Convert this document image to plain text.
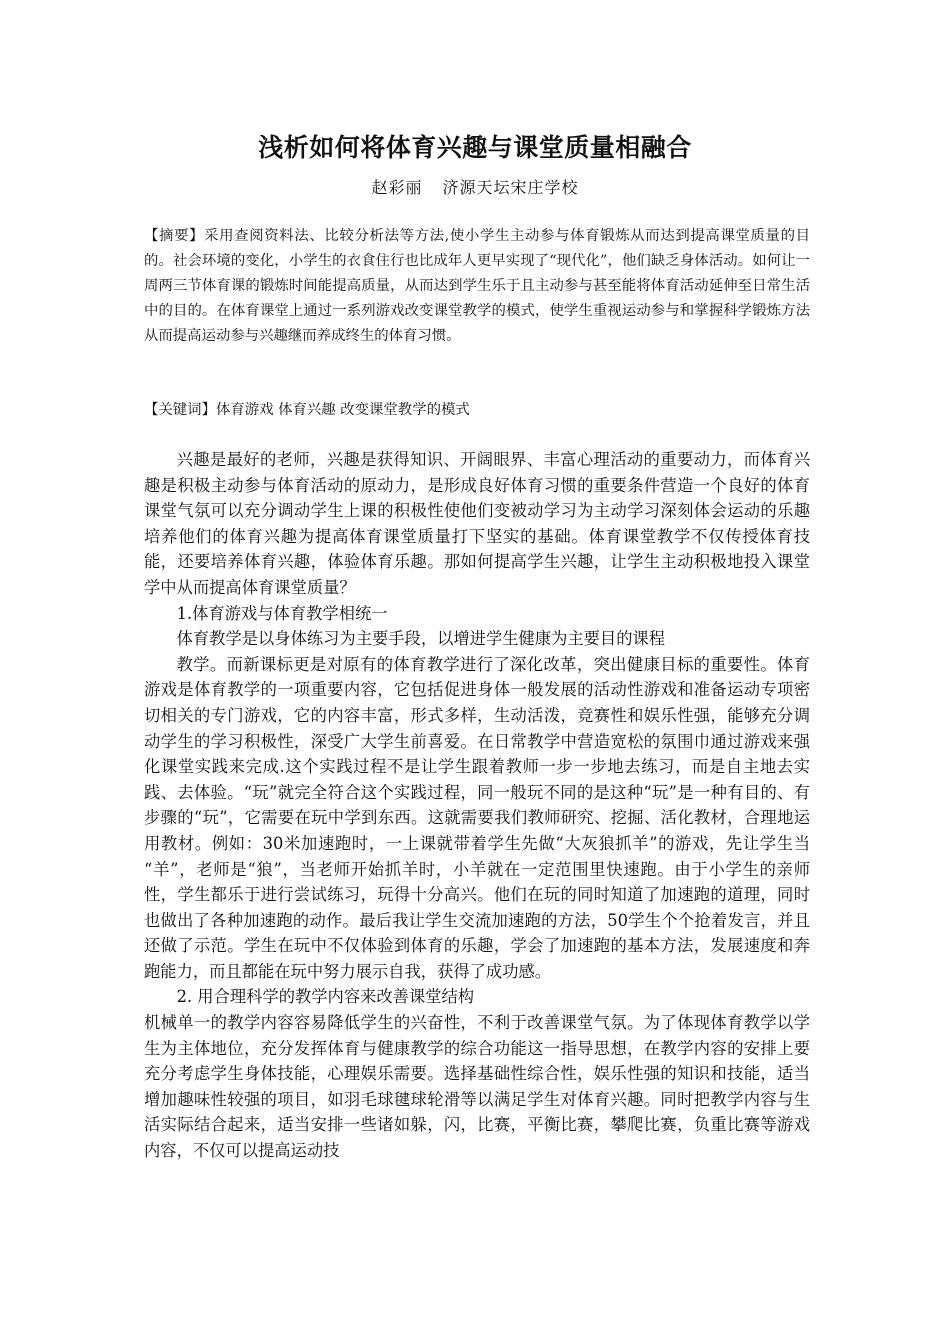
浅析如何将体育兴趣与课堂质量相融合
赵彩丽 济源天坛宋庄学校
【摘要】采用查阅资料法、比较分析法等方法,使小学生主动参与体育锻炼从而达到提高课堂质量的目的。社会环境的变化，小学生的衣食住行也比成年人更早实现了“现代化”，他们缺乏身体活动。如何让一周两三节体育课的锻炼时间能提高质量，从而达到学生乐于且主动参与甚至能将体育活动延伸至日常生活中的目的。在体育课堂上通过一系列游戏改变课堂教学的模式，使学生重视运动参与和掌握科学锻炼方法从而提高运动参与兴趣继而养成终生的体育习惯。
【关键词】体育游戏 体育兴趣 改变课堂教学的模式

兴趣是最好的老师，兴趣是获得知识、开阔眼界、丰富心理活动的重要动力，而体育兴趣是积极主动参与体育活动的原动力，是形成良好体育习惯的重要条件营造一个良好的体育课堂气氛可以充分调动学生上课的积极性使他们变被动学习为主动学习深刻体会运动的乐趣培养他们的体育兴趣为提高体育课堂质量打下坚实的基础。体育课堂教学不仅传授体育技能，还要培养体育兴趣，体验体育乐趣。那如何提高学生兴趣，让学生主动积极地投入课堂学中从而提高体育课堂质量？

1.体育游戏与体育教学相统一

体育教学是以身体练习为主要手段，以增进学生健康为主要目的课程

教学。而新课标更是对原有的体育教学进行了深化改革，突出健康目标的重要性。体育游戏是体育教学的一项重要内容，它包括促进身体一般发展的活动性游戏和准备运动专项密切相关的专门游戏，它的内容丰富，形式多样，生动活泼，竞赛性和娱乐性强，能够充分调动学生的学习积极性，深受广大学生前喜爱。在日常教学中营造宽松的氛围巾通过游戏来强化课堂实践来完成.这个实践过程不是让学生跟着教师一步一步地去练习，而是自主地去实践、去体验。“玩”就完全符合这个实践过程，同一般玩不同的是这种“玩”是一种有目的、有步骤的“玩”，它需要在玩中学到东西。这就需要我们教师研究、挖掘、活化教材，合理地运用教材。例如：30米加速跑时，一上课就带着学生先做“大灰狼抓羊”的游戏，先让学生当 “羊”，老师是“狼”，当老师开始抓羊时，小羊就在一定范围里快速跑。由于小学生的亲师性，学生都乐于进行尝试练习，玩得十分高兴。他们在玩的同时知道了加速跑的道理，同时也做出了各种加速跑的动作。最后我让学生交流加速跑的方法，50学生个个抢着发言，并且还做了示范。学生在玩中不仅体验到体育的乐趣，学会了加速跑的基本方法，发展速度和奔跑能力，而且都能在玩中努力展示自我，获得了成功感。

2. 用合理科学的教学内容来改善课堂结构

机械单一的教学内容容易降低学生的兴奋性，不利于改善课堂气氛。为了体现体育教学以学生为主体地位，充分发挥体育与健康教学的综合功能这一指导思想，在教学内容的安排上要充分考虑学生身体技能，心理娱乐需要。选择基础性综合性，娱乐性强的知识和技能，适当增加趣味性较强的项目，如羽毛球毽球轮滑等以满足学生对体育兴趣。同时把教学内容与生活实际结合起来，适当安排一些诸如躲，闪，比赛，平衡比赛，攀爬比赛，负重比赛等游戏内容，不仅可以提高运动技
